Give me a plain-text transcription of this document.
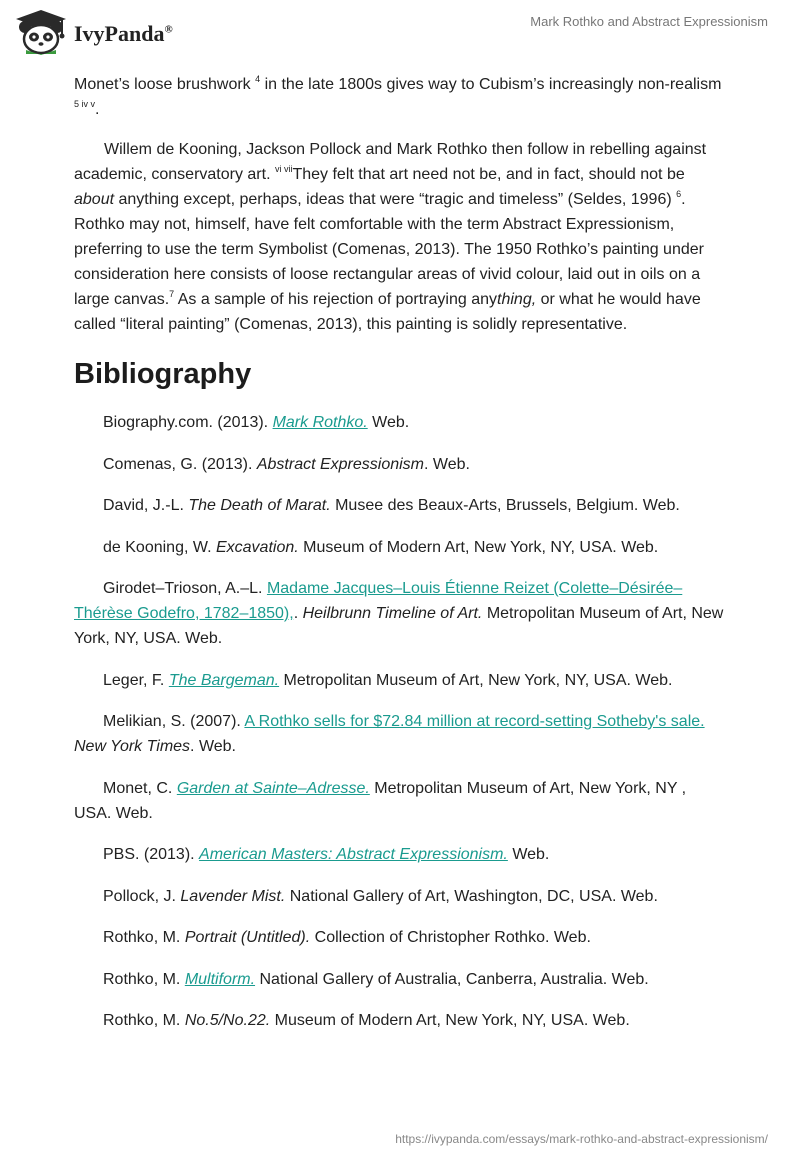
IvyPanda®
Mark Rothko and Abstract Expressionism

Monet’s loose brushwork $^4$ in the late 1800s gives way to Cubism’s increasingly non-realism $^{5 iv v}$.

Willem de Kooning, Jackson Pollock and Mark Rothko then follow in rebelling against academic, conservatory art. $^{vi vii}$They felt that art need not be, and in fact, should not be about anything except, perhaps, ideas that were “tragic and timeless” (Seldes, 1996) $^6$. Rothko may not, himself, have felt comfortable with the term Abstract Expressionism, preferring to use the term Symbolist (Comenas, 2013). The 1950 Rothko’s painting under consideration here consists of loose rectangular areas of vivid colour, laid out in oils on a large canvas.$^7$ As a sample of his rejection of portraying anything, or what he would have called “literal painting” (Comenas, 2013), this painting is solidly representative.

Bibliography
Biography.com. (2013). Mark Rothko. Web.
Comenas, G. (2013). Abstract Expressionism. Web.
David, J.-L. The Death of Marat. Musee des Beaux-Arts, Brussels, Belgium. Web.
de Kooning, W. Excavation. Museum of Modern Art, New York, NY, USA. Web.
Girodet–Trioson, A.–L. Madame Jacques–Louis Étienne Reizet (Colette–Désirée–Thérèse Godefro, 1782–1850),. Heilbrunn Timeline of Art. Metropolitan Museum of Art, New York, NY, USA. Web.
Leger, F. The Bargeman. Metropolitan Museum of Art, New York, NY, USA. Web.
Melikian, S. (2007). A Rothko sells for $72.84 million at record-setting Sotheby's sale. New York Times. Web.
Monet, C. Garden at Sainte–Adresse. Metropolitan Museum of Art, New York, NY , USA. Web.
PBS. (2013). American Masters: Abstract Expressionism. Web.
Pollock, J. Lavender Mist. National Gallery of Art, Washington, DC, USA. Web.
Rothko, M. Portrait (Untitled). Collection of Christopher Rothko. Web.
Rothko, M. Multiform. National Gallery of Australia, Canberra, Australia. Web.
Rothko, M. No.5/No.22. Museum of Modern Art, New York, NY, USA. Web.
https://ivypanda.com/essays/mark-rothko-and-abstract-expressionism/
